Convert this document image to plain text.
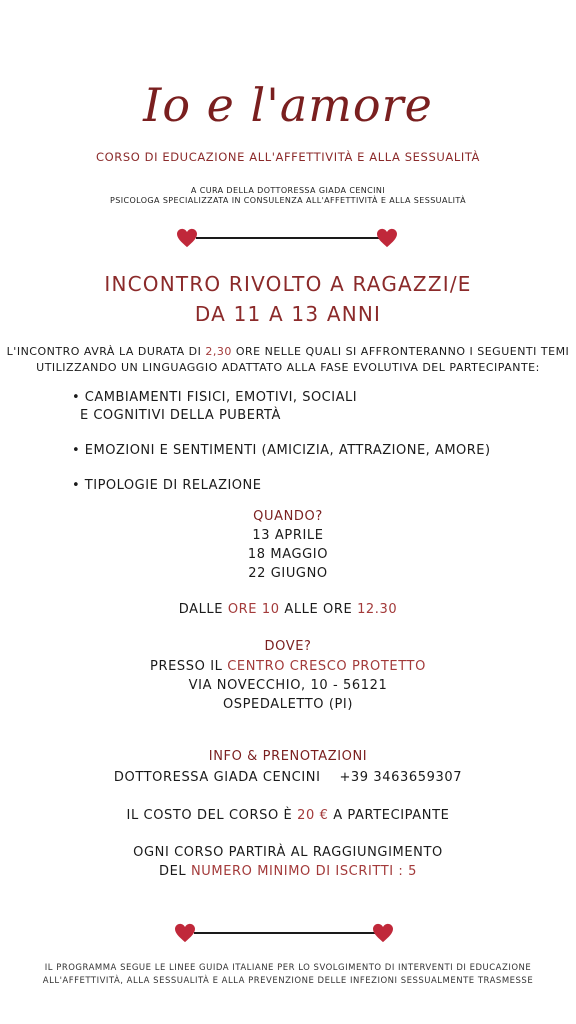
Io e l'amore
CORSO DI EDUCAZIONE ALL'AFFETTIVITÀ E ALLA SESSUALITÀ
A CURA DELLA DOTTORESSA GIADA CENCINI
PSICOLOGA SPECIALIZZATA IN CONSULENZA ALL'AFFETTIVITÀ E ALLA SESSUALITÀ
INCONTRO RIVOLTO A RAGAZZI/E
DA 11 A 13 ANNI
L'INCONTRO AVRÀ LA DURATA DI 2,30 ORE NELLE QUALI SI AFFRONTERANNO I SEGUENTI TEMI
UTILIZZANDO UN LINGUAGGIO ADATTATO ALLA FASE EVOLUTIVA DEL PARTECIPANTE:
• CAMBIAMENTI FISICI, EMOTIVI, SOCIALI
E COGNITIVI DELLA PUBERTÀ
• EMOZIONI E SENTIMENTI (AMICIZIA, ATTRAZIONE, AMORE)
• TIPOLOGIE DI RELAZIONE
QUANDO?
13 APRILE
18 MAGGIO
22 GIUGNO
DALLE ORE 10 ALLE ORE 12.30
DOVE?
PRESSO IL CENTRO CRESCO PROTETTO
VIA NOVECCHIO, 10 - 56121
OSPEDALETTO (PI)
INFO & PRENOTAZIONI
DOTTORESSA GIADA CENCINI    +39 3463659307
IL COSTO DEL CORSO È 20 € A PARTECIPANTE
OGNI CORSO PARTIRÀ AL RAGGIUNGIMENTO
DEL NUMERO MINIMO DI ISCRITTI : 5
IL PROGRAMMA SEGUE LE LINEE GUIDA ITALIANE PER LO SVOLGIMENTO DI INTERVENTI DI EDUCAZIONE
ALL'AFFETTIVITÀ, ALLA SESSUALITÀ E ALLA PREVENZIONE DELLE INFEZIONI SESSUALMENTE TRASMESSE
